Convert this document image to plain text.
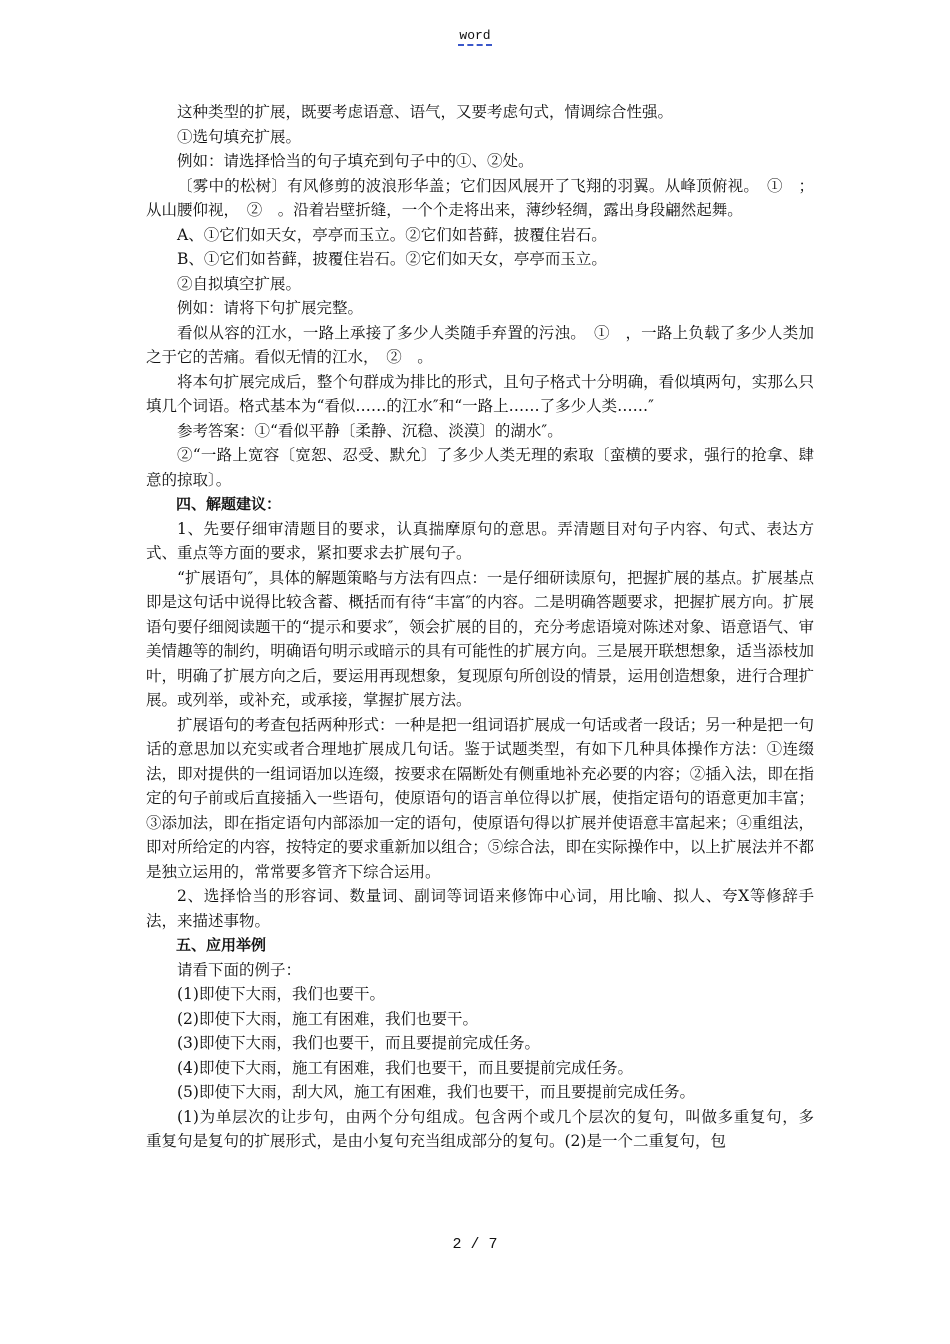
word

这种类型的扩展，既要考虑语意、语气，又要考虑句式，情调综合性强。

①选句填充扩展。

例如：请选择恰当的句子填充到句子中的①、②处。

〔雾中的松树〕有风修剪的波浪形华盖；它们因风展开了飞翔的羽翼。从峰顶俯视。　①　；从山腰仰视，　②　。沿着岩壁折缝，一个个走将出来，薄纱轻绸，露出身段翩然起舞。

A、①它们如天女，亭亭而玉立。②它们如苔藓，披覆住岩石。

B、①它们如苔藓，披覆住岩石。②它们如天女，亭亭而玉立。

②自拟填空扩展。

例如：请将下句扩展完整。

看似从容的江水，一路上承接了多少人类随手弃置的污浊。　①　，一路上负载了多少人类加之于它的苦痛。看似无情的江水，　②　。

将本句扩展完成后，整个句群成为排比的形式，且句子格式十分明确，看似填两句，实那么只填几个词语。格式基本为“看似……的江水″和“一路上……了多少人类……″

参考答案：①“看似平静〔柔静、沉稳、淡漠〕的湖水″。

②“一路上宽容〔宽恕、忍受、默允〕了多少人类无理的索取〔蛮横的要求，强行的抢拿、肆意的掠取〕。

四、解题建议：

1、先要仔细审清题目的要求，认真揣摩原句的意思。弄清题目对句子内容、句式、表达方式、重点等方面的要求，紧扣要求去扩展句子。

“扩展语句″，具体的解题策略与方法有四点：一是仔细研读原句，把握扩展的基点。扩展基点即是这句话中说得比较含蓄、概括而有待“丰富″的内容。二是明确答题要求，把握扩展方向。扩展语句要仔细阅读题干的“提示和要求″，领会扩展的目的，充分考虑语境对陈述对象、语意语气、审美情趣等的制约，明确语句明示或暗示的具有可能性的扩展方向。三是展开联想想象，适当添枝加叶，明确了扩展方向之后，要运用再现想象，复现原句所创设的情景，运用创造想象，进行合理扩展。或列举，或补充，或承接，掌握扩展方法。

扩展语句的考查包括两种形式：一种是把一组词语扩展成一句话或者一段话；另一种是把一句话的意思加以充实或者合理地扩展成几句话。鉴于试题类型，有如下几种具体操作方法：①连缀法，即对提供的一组词语加以连缀，按要求在隔断处有侧重地补充必要的内容；②插入法，即在指定的句子前或后直接插入一些语句，使原语句的语言单位得以扩展，使指定语句的语意更加丰富；③添加法，即在指定语句内部添加一定的语句，使原语句得以扩展并使语意丰富起来；④重组法，即对所给定的内容，按特定的要求重新加以组合；⑤综合法，即在实际操作中，以上扩展法并不都是独立运用的，常常要多管齐下综合运用。

2、选择恰当的形容词、数量词、副词等词语来修饰中心词，用比喻、拟人、夸X等修辞手法，来描述事物。

五、应用举例

请看下面的例子：

(1)即使下大雨，我们也要干。

(2)即使下大雨，施工有困难，我们也要干。

(3)即使下大雨，我们也要干，而且要提前完成任务。

(4)即使下大雨，施工有困难，我们也要干，而且要提前完成任务。

(5)即使下大雨，刮大风，施工有困难，我们也要干，而且要提前完成任务。

(1)为单层次的让步句，由两个分句组成。包含两个或几个层次的复句，叫做多重复句，多　重复句是复句的扩展形式，是由小复句充当组成部分的复句。(2)是一个二重复句，包

2 / 7
